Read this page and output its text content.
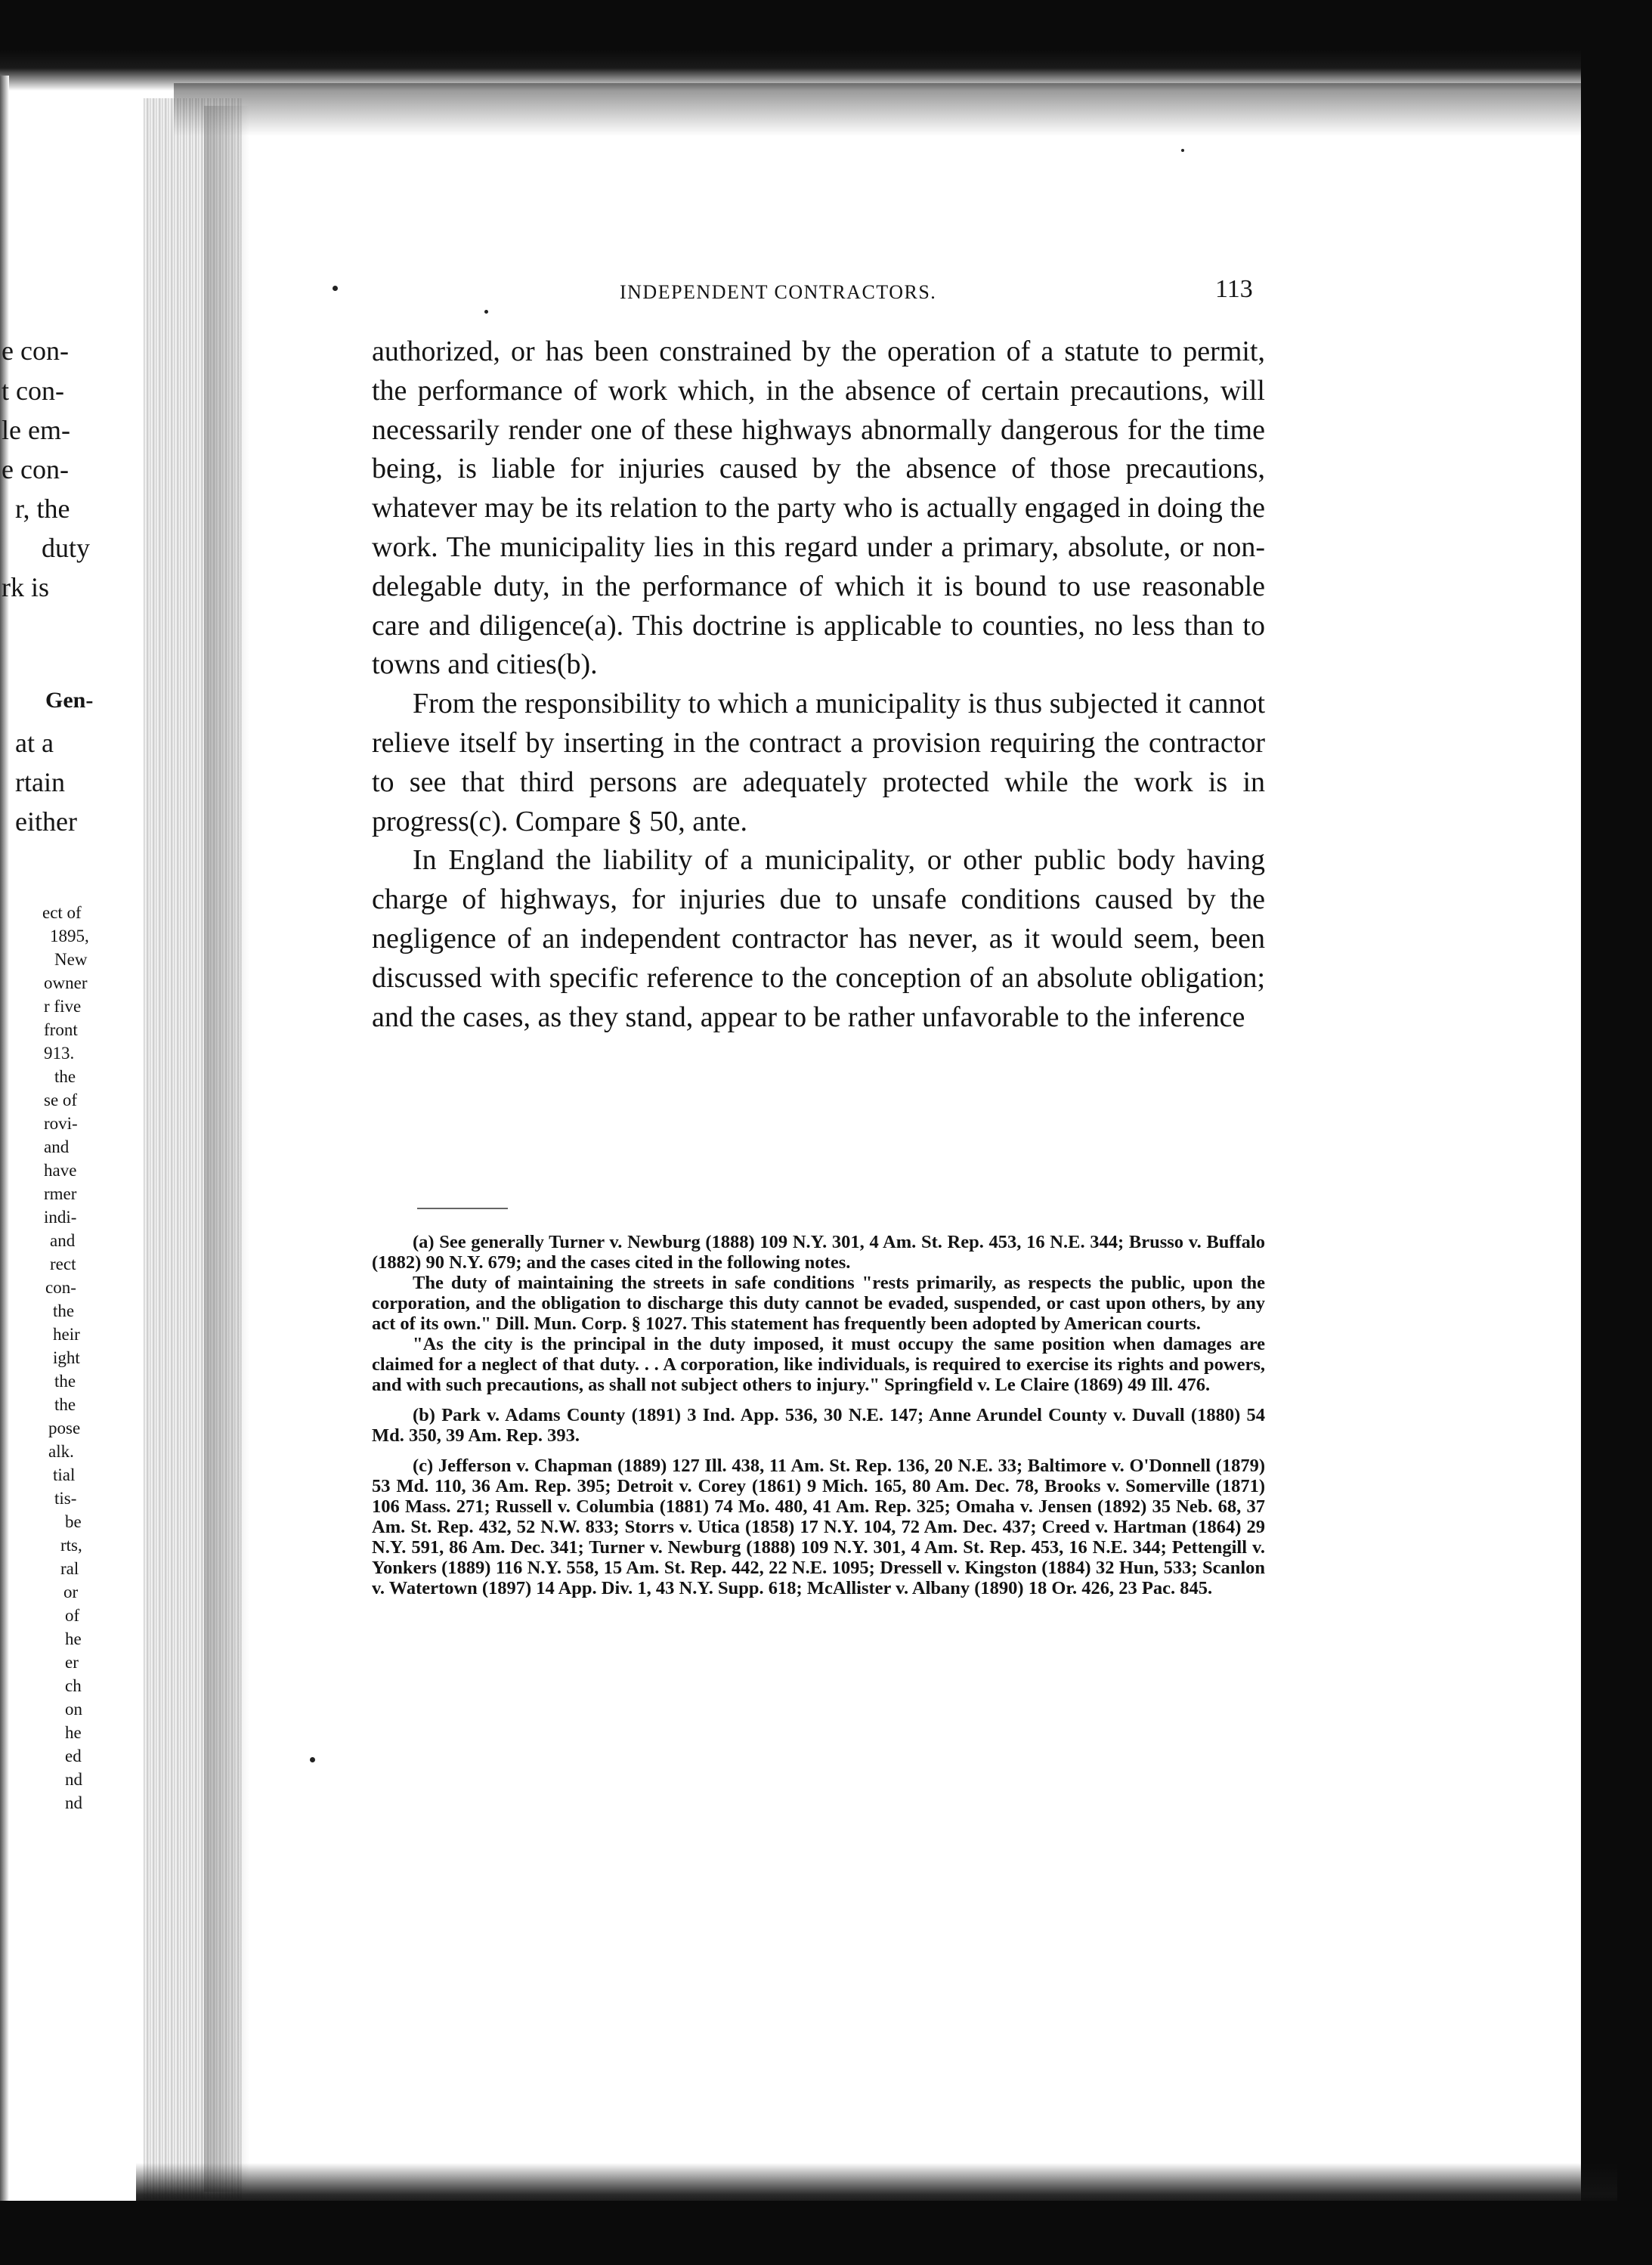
e con-
t con-
le em-
e con-
r, the
duty
rk is
Gen-
at a
rtain
either
ect of
1895,
New
owner
r five
front
913.
the
se of
rovi-
and
have
rmer
indi-
and
rect
con-
the
heir
ight
the
the
pose
alk.
tial
tis-
be
rts,
ral
or
of
he
er
ch
on
he
ed
nd
nd
INDEPENDENT CONTRACTORS.	113

authorized, or has been constrained by the operation of a statute to permit, the performance of work which, in the absence of certain precautions, will necessarily render one of these highways abnormally dangerous for the time being, is liable for injuries caused by the absence of those precautions, whatever may be its relation to the party who is actually engaged in doing the work. The municipality lies in this regard under a primary, absolute, or non-delegable duty, in the performance of which it is bound to use reasonable care and diligence(a). This doctrine is applicable to counties, no less than to towns and cities(b).

From the responsibility to which a municipality is thus subjected it cannot relieve itself by inserting in the contract a provision requiring the contractor to see that third persons are adequately protected while the work is in progress(c). Compare § 50, ante.

In England the liability of a municipality, or other public body having charge of highways, for injuries due to unsafe conditions caused by the negligence of an independent contractor has never, as it would seem, been discussed with specific reference to the conception of an absolute obligation; and the cases, as they stand, appear to be rather unfavorable to the inference

(a) See generally Turner v. Newburg (1888) 109 N.Y. 301, 4 Am. St. Rep. 453, 16 N.E. 344; Brusso v. Buffalo (1882) 90 N.Y. 679; and the cases cited in the following notes.

The duty of maintaining the streets in safe conditions "rests primarily, as respects the public, upon the corporation, and the obligation to discharge this duty cannot be evaded, suspended, or cast upon others, by any act of its own." Dill. Mun. Corp. § 1027. This statement has frequently been adopted by American courts.

"As the city is the principal in the duty imposed, it must occupy the same position when damages are claimed for a neglect of that duty. . . A corporation, like individuals, is required to exercise its rights and powers, and with such precautions, as shall not subject others to injury." Springfield v. Le Claire (1869) 49 Ill. 476.

(b) Park v. Adams County (1891) 3 Ind. App. 536, 30 N.E. 147; Anne Arundel County v. Duvall (1880) 54 Md. 350, 39 Am. Rep. 393.

(c) Jefferson v. Chapman (1889) 127 Ill. 438, 11 Am. St. Rep. 136, 20 N.E. 33; Baltimore v. O'Donnell (1879) 53 Md. 110, 36 Am. Rep. 395; Detroit v. Corey (1861) 9 Mich. 165, 80 Am. Dec. 78, Brooks v. Somerville (1871) 106 Mass. 271; Russell v. Columbia (1881) 74 Mo. 480, 41 Am. Rep. 325; Omaha v. Jensen (1892) 35 Neb. 68, 37 Am. St. Rep. 432, 52 N.W. 833; Storrs v. Utica (1858) 17 N.Y. 104, 72 Am. Dec. 437; Creed v. Hartman (1864) 29 N.Y. 591, 86 Am. Dec. 341; Turner v. Newburg (1888) 109 N.Y. 301, 4 Am. St. Rep. 453, 16 N.E. 344; Pettengill v. Yonkers (1889) 116 N.Y. 558, 15 Am. St. Rep. 442, 22 N.E. 1095; Dressell v. Kingston (1884) 32 Hun, 533; Scanlon v. Watertown (1897) 14 App. Div. 1, 43 N.Y. Supp. 618; McAllister v. Albany (1890) 18 Or. 426, 23 Pac. 845.
